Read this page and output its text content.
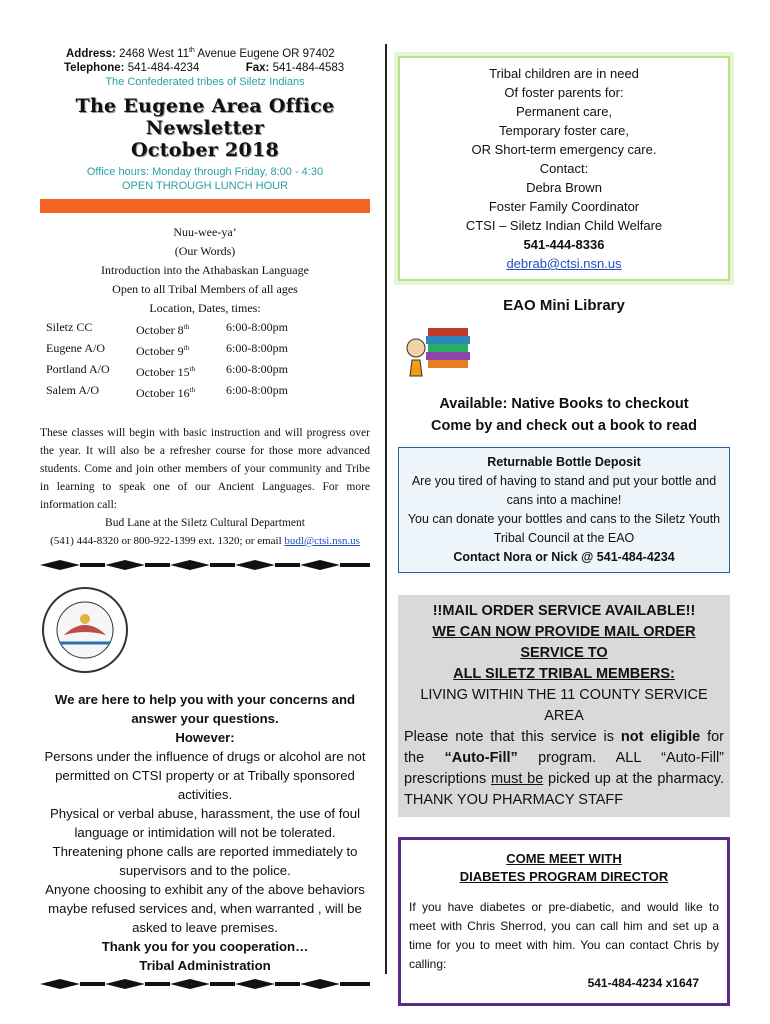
Address: 2468 West 11th Avenue Eugene OR 97402
Telephone: 541-484-4234	Fax: 541-484-4583
The Confederated tribes of Siletz Indians
The Eugene Area Office Newsletter
October 2018
Office hours: Monday through Friday, 8:00 - 4:30
OPEN THROUGH LUNCH HOUR
Nuu-wee-ya’
(Our Words)
Introduction into the Athabaskan Language
Open to all Tribal Members of all ages
Location, Dates, times:
Siletz CC	October 8th	6:00-8:00pm
Eugene A/O	October 9th	6:00-8:00pm
Portland A/O	October 15th	6:00-8:00pm
Salem A/O	October 16th	6:00-8:00pm
These classes will begin with basic instruction and will progress over the year. It will also be a refresher course for those more advanced students. Come and join other members of your community and Tribe in learning to speak one of our Ancient Languages. For more information call:
Bud Lane at the Siletz Cultural Department
(541) 444-8320 or 800-922-1399 ext. 1320; or email budl@ctsi.nsn.us

We are here to help you with your concerns and answer your questions.
However:
Persons under the influence of drugs or alcohol are not permitted on CTSI property or at Tribally sponsored activities.
Physical or verbal abuse, harassment, the use of foul language or intimidation will not be tolerated.
Threatening phone calls are reported immediately to supervisors and to the police.
Anyone choosing to exhibit any of the above behaviors maybe refused services and, when warranted , will be asked to leave premises.
Thank you for you cooperation…
Tribal Administration
Tribal children are in need
Of foster parents for:
Permanent care,
Temporary foster care,
OR Short-term emergency care.
Contact:
Debra Brown
Foster Family Coordinator
CTSI – Siletz Indian Child Welfare
541-444-8336
debrab@ctsi.nsn.us
EAO Mini Library
Available: Native Books to checkout
Come by and check out a book to read
Returnable Bottle Deposit
Are you tired of having to stand and put your bottle and cans into a machine!
You can donate your bottles and cans to the Siletz Youth Tribal Council at the EAO
Contact Nora or Nick @ 541-484-4234
!!MAIL ORDER SERVICE AVAILABLE!!
WE CAN NOW PROVIDE MAIL ORDER SERVICE TO
ALL SILETZ TRIBAL MEMBERS:
LIVING WITHIN THE 11 COUNTY SERVICE AREA
Please note that this service is not eligible for the “Auto-Fill” program. ALL “Auto-Fill” prescriptions must be picked up at the pharmacy. THANK YOU PHARMACY STAFF
COME MEET WITH
DIABETES PROGRAM DIRECTOR
If you have diabetes or pre-diabetic, and would like to meet with Chris Sherrod, you can call him and set up a time for you to meet with him. You can contact Chris by calling:
541-484-4234 x1647
